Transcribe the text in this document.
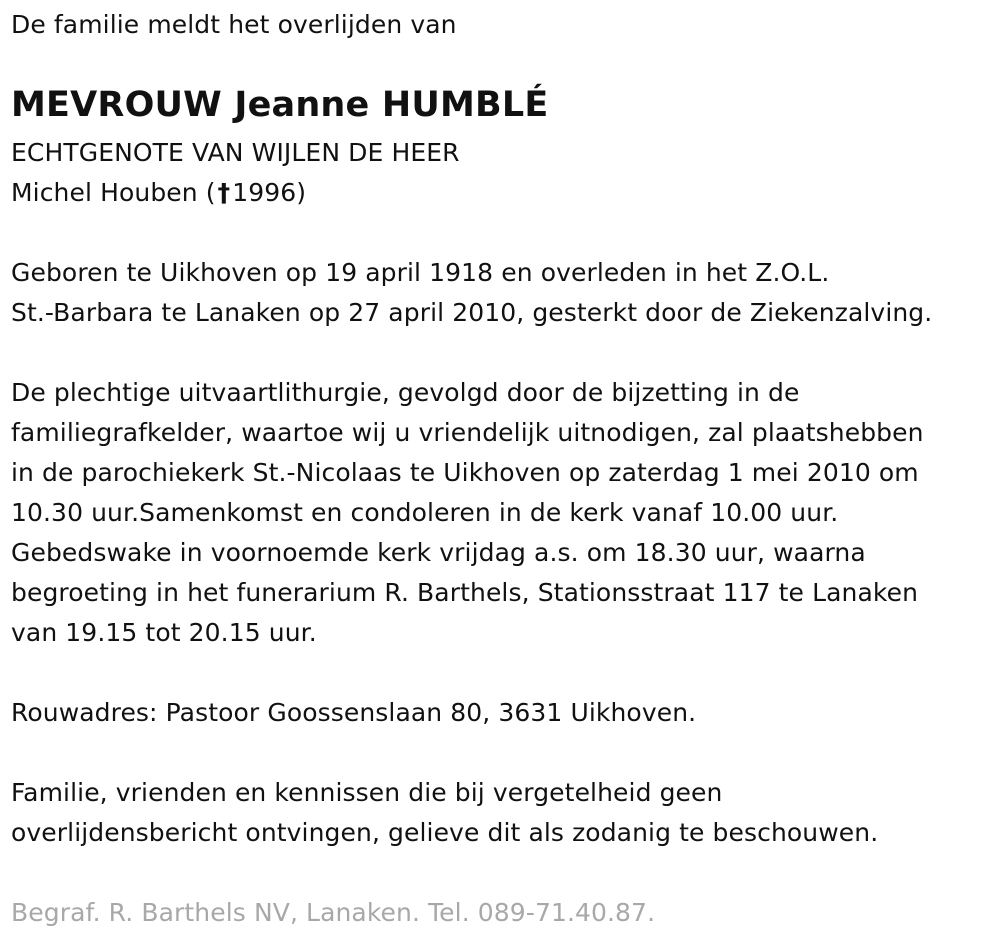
De familie meldt het overlijden van
MEVROUW Jeanne HUMBLÉ
ECHTGENOTE VAN WIJLEN DE HEER
Michel Houben (†1996)
Geboren te Uikhoven op 19 april 1918 en overleden in het Z.O.L.
St.-Barbara te Lanaken op 27 april 2010, gesterkt door de Ziekenzalving.
De plechtige uitvaartlithurgie, gevolgd door de bijzetting in de
familiegrafkelder, waartoe wij u vriendelijk uitnodigen, zal plaatshebben
in de parochiekerk St.-Nicolaas te Uikhoven op zaterdag 1 mei 2010 om
10.30 uur.Samenkomst en condoleren in de kerk vanaf 10.00 uur.
Gebedswake in voornoemde kerk vrijdag a.s. om 18.30 uur, waarna
begroeting in het funerarium R. Barthels, Stationsstraat 117 te Lanaken
van 19.15 tot 20.15 uur.
Rouwadres: Pastoor Goossenslaan 80, 3631 Uikhoven.
Familie, vrienden en kennissen die bij vergetelheid geen
overlijdensbericht ontvingen, gelieve dit als zodanig te beschouwen.
Begraf. R. Barthels NV, Lanaken. Tel. 089-71.40.87.
